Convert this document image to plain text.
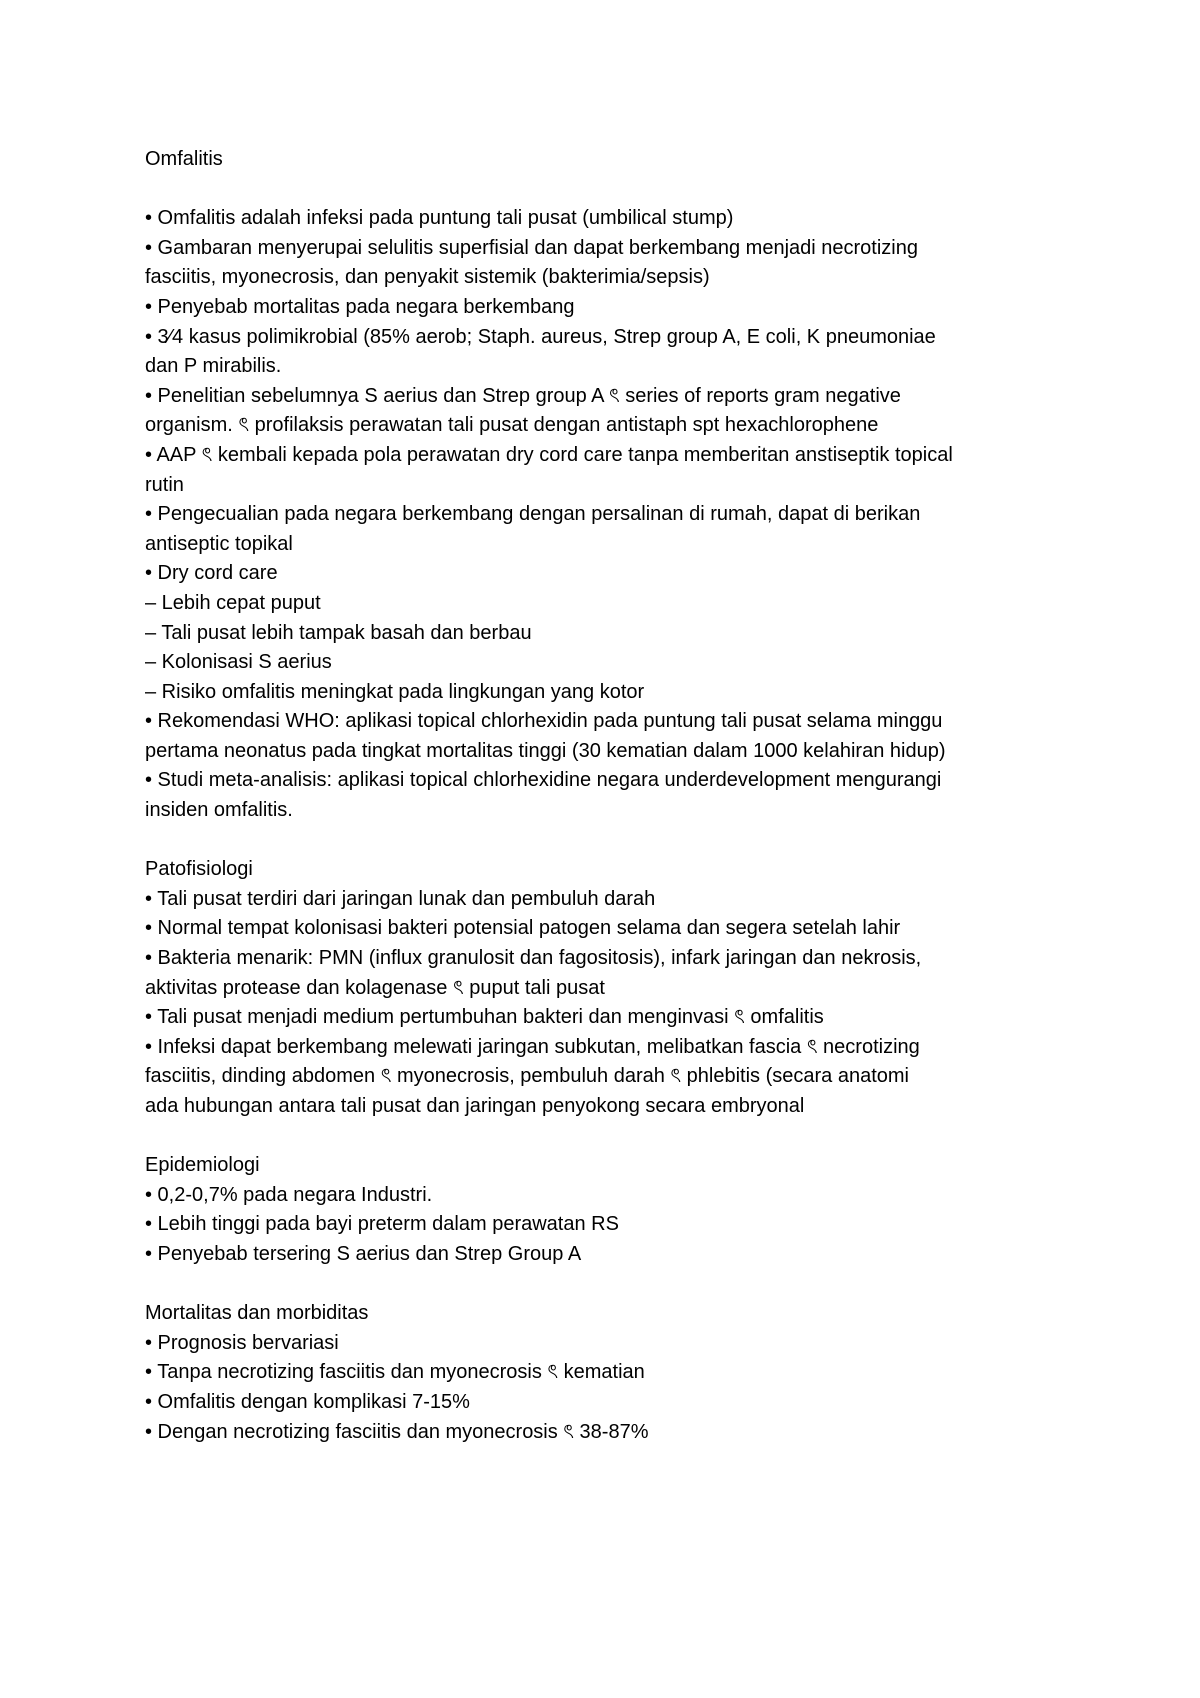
Omfalitis
• Omfalitis adalah infeksi pada puntung tali pusat (umbilical stump)
• Gambaran menyerupai selulitis superfisial dan dapat berkembang menjadi necrotizing
fasciitis, myonecrosis, dan penyakit sistemik (bakterimia/sepsis)
• Penyebab mortalitas pada negara berkembang
• 3⁄4 kasus polimikrobial (85% aerob; Staph. aureus, Strep group A, E coli, K pneumoniae
dan P mirabilis.
• Penelitian sebelumnya S aerius dan Strep group A ৎ series of reports gram negative
organism. ৎ profilaksis perawatan tali pusat dengan antistaph spt hexachlorophene
• AAP ৎ kembali kepada pola perawatan dry cord care tanpa memberitan anstiseptik topical
rutin
• Pengecualian pada negara berkembang dengan persalinan di rumah, dapat di berikan
antiseptic topikal
• Dry cord care
– Lebih cepat puput
– Tali pusat lebih tampak basah dan berbau
– Kolonisasi S aerius
– Risiko omfalitis meningkat pada lingkungan yang kotor
• Rekomendasi WHO: aplikasi topical chlorhexidin pada puntung tali pusat selama minggu
pertama neonatus pada tingkat mortalitas tinggi (30 kematian dalam 1000 kelahiran hidup)
• Studi meta-analisis: aplikasi topical chlorhexidine negara underdevelopment mengurangi
insiden omfalitis.
Patofisiologi
• Tali pusat terdiri dari jaringan lunak dan pembuluh darah
• Normal tempat kolonisasi bakteri potensial patogen selama dan segera setelah lahir
• Bakteria menarik: PMN (influx granulosit dan fagositosis), infark jaringan dan nekrosis,
aktivitas protease dan kolagenase ৎ puput tali pusat
• Tali pusat menjadi medium pertumbuhan bakteri dan menginvasi ৎ omfalitis
• Infeksi dapat berkembang melewati jaringan subkutan, melibatkan fascia ৎ necrotizing
fasciitis, dinding abdomen ৎ myonecrosis, pembuluh darah ৎ phlebitis (secara anatomi
ada hubungan antara tali pusat dan jaringan penyokong secara embryonal
Epidemiologi
• 0,2-0,7% pada negara Industri.
• Lebih tinggi pada bayi preterm dalam perawatan RS
• Penyebab tersering S aerius dan Strep Group A
Mortalitas dan morbiditas
• Prognosis bervariasi
• Tanpa necrotizing fasciitis dan myonecrosis ৎ kematian
• Omfalitis dengan komplikasi 7-15%
• Dengan necrotizing fasciitis dan myonecrosis ৎ 38-87%
